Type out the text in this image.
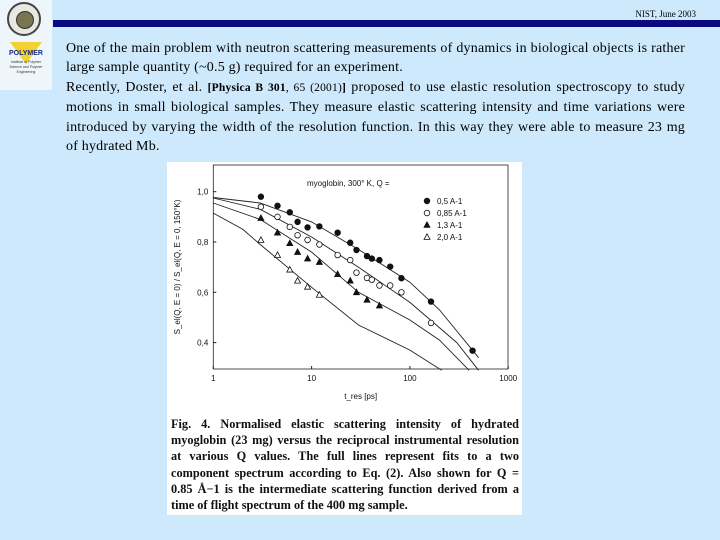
POLYMER
Institute of Polymer Science and Polymer Engineering
NIST, June 2003

One of the main problem with neutron scattering measurements of dynamics in biological objects is rather large sample quantity (~0.5 g) required for an experiment.

Recently, Doster, et al. [Physica B 301, 65 (2001)] proposed to use elastic resolution spectroscopy to study motions in small biological samples. They measure elastic scattering intensity and time variations were introduced by varying the width of the resolution function. In this way they were able to measure 23 mg of hydrated Mb.

1	10	100	1000
0,4
0,6
0,8
1,0
t_res [ps]
S_el(Q, E = 0) / S_el(Q, E = 0, 150°K)
myoglobin, 300° K, Q =
0,5 A-1
0,85 A-1
1,3 A-1
2,0 A-1
Fig. 4. Normalised elastic scattering intensity of hydrated myoglobin (23 mg) versus the reciprocal instrumental resolution at various Q values. The full lines represent fits to a two component spectrum according to Eq. (2). Also shown for Q = 0.85 Å−1 is the intermediate scattering function derived from a time of flight spectrum of the 400 mg sample.
